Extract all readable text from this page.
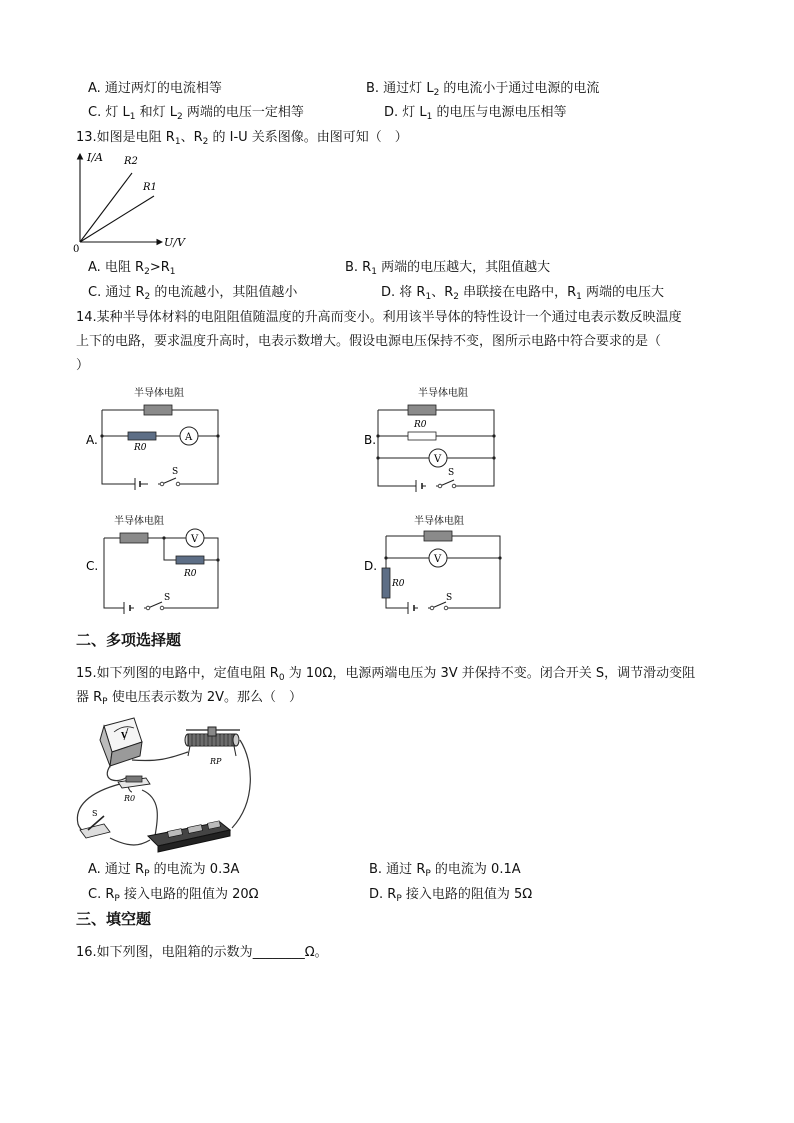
A. 通过两灯的电流相等	B. 通过灯 $L_2$ 的电流小于通过电源的电流
C. 灯 $L_1$ 和灯 $L_2$ 两端的电压一定相等	D. 灯 $L_1$ 的电压与电源电压相等
13.如图是电阻 $R_1$、$R_2$ 的 I-U 关系图像。由图可知（　）
I/A
U/V
0
R2
R1
A. 电阻 $R_2>R_1$	B. $R_1$ 两端的电压越大，其阻值越大
C. 通过 $R_2$ 的电流越小，其阻值越小	D. 将 $R_1$、$R_2$ 串联接在电路中，$R_1$ 两端的电压大
14.某种半导体材料的电阻阻值随温度的升高而变小。利用该半导体的特性设计一个通过电表示数反映温度
上下的电路，要求温度升高时，电表示数增大。假设电源电压保持不变，图所示电路中符合要求的是（
）
半导体电阻
A.
R0
A
S
半导体电阻
B.
R0
V
S
半导体电阻
C.
R0
V
S
半导体电阻
D.
R0
V
S
二、多项选择题
15.如下列图的电路中，定值电阻 $R_0$ 为 10Ω，电源两端电压为 3V 并保持不变。闭合开关 S，调节滑动变阻
器 $R_P$ 使电压表示数为 2V。那么（　）
V
RP
R0
S
A. 通过 $R_P$ 的电流为 0.3A	B. 通过 $R_P$ 的电流为 0.1A
C. $R_P$ 接入电路的阻值为 20Ω	D. $R_P$ 接入电路的阻值为 5Ω
三、填空题
16.如下列图，电阻箱的示数为________Ω。
